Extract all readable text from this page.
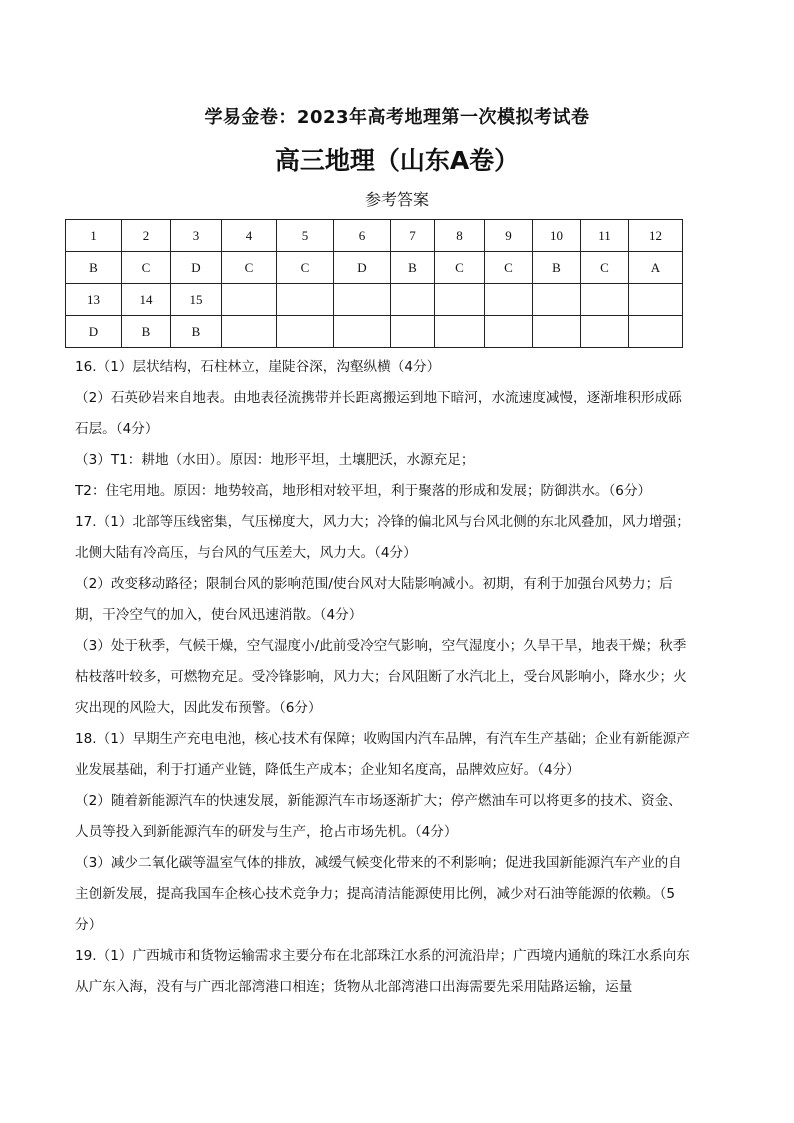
学易金卷：2023年高考地理第一次模拟考试卷
高三地理（山东A卷）
参考答案
1	2	3	4	5	6	7	8	9	10	11	12
B	C	D	C	C	D	B	C	C	B	C	A
13	14	15									
D	B	B									

16.（1）层状结构，石柱林立，崖陡谷深，沟壑纵横（4分）

（2）石英砂岩来自地表。由地表径流携带并长距离搬运到地下暗河，水流速度减慢，逐渐堆积形成砾石层。（4分）

（3）T1：耕地（水田）。原因：地形平坦，土壤肥沃，水源充足；

T2：住宅用地。原因：地势较高，地形相对较平坦，利于聚落的形成和发展；防御洪水。（6分）

17.（1）北部等压线密集，气压梯度大，风力大；冷锋的偏北风与台风北侧的东北风叠加，风力增强；北侧大陆有冷高压，与台风的气压差大，风力大。（4分）

（2）改变移动路径；限制台风的影响范围/使台风对大陆影响减小。初期，有利于加强台风势力；后期，干冷空气的加入，使台风迅速消散。（4分）

（3）处于秋季，气候干燥，空气湿度小/此前受冷空气影响，空气湿度小；久旱干旱，地表干燥；秋季枯枝落叶较多，可燃物充足。受冷锋影响，风力大；台风阻断了水汽北上，受台风影响小，降水少；火灾出现的风险大，因此发布预警。（6分）

18.（1）早期生产充电电池，核心技术有保障；收购国内汽车品牌，有汽车生产基础；企业有新能源产业发展基础，利于打通产业链，降低生产成本；企业知名度高，品牌效应好。（4分）

（2）随着新能源汽车的快速发展，新能源汽车市场逐渐扩大；停产燃油车可以将更多的技术、资金、人员等投入到新能源汽车的研发与生产，抢占市场先机。（4分）

（3）减少二氧化碳等温室气体的排放，减缓气候变化带来的不利影响；促进我国新能源汽车产业的自主创新发展，提高我国车企核心技术竞争力；提高清洁能源使用比例，减少对石油等能源的依赖。（5分）

19.（1）广西城市和货物运输需求主要分布在北部珠江水系的河流沿岸；广西境内通航的珠江水系向东从广东入海，没有与广西北部湾港口相连；货物从北部湾港口出海需要先采用陆路运输，运量
